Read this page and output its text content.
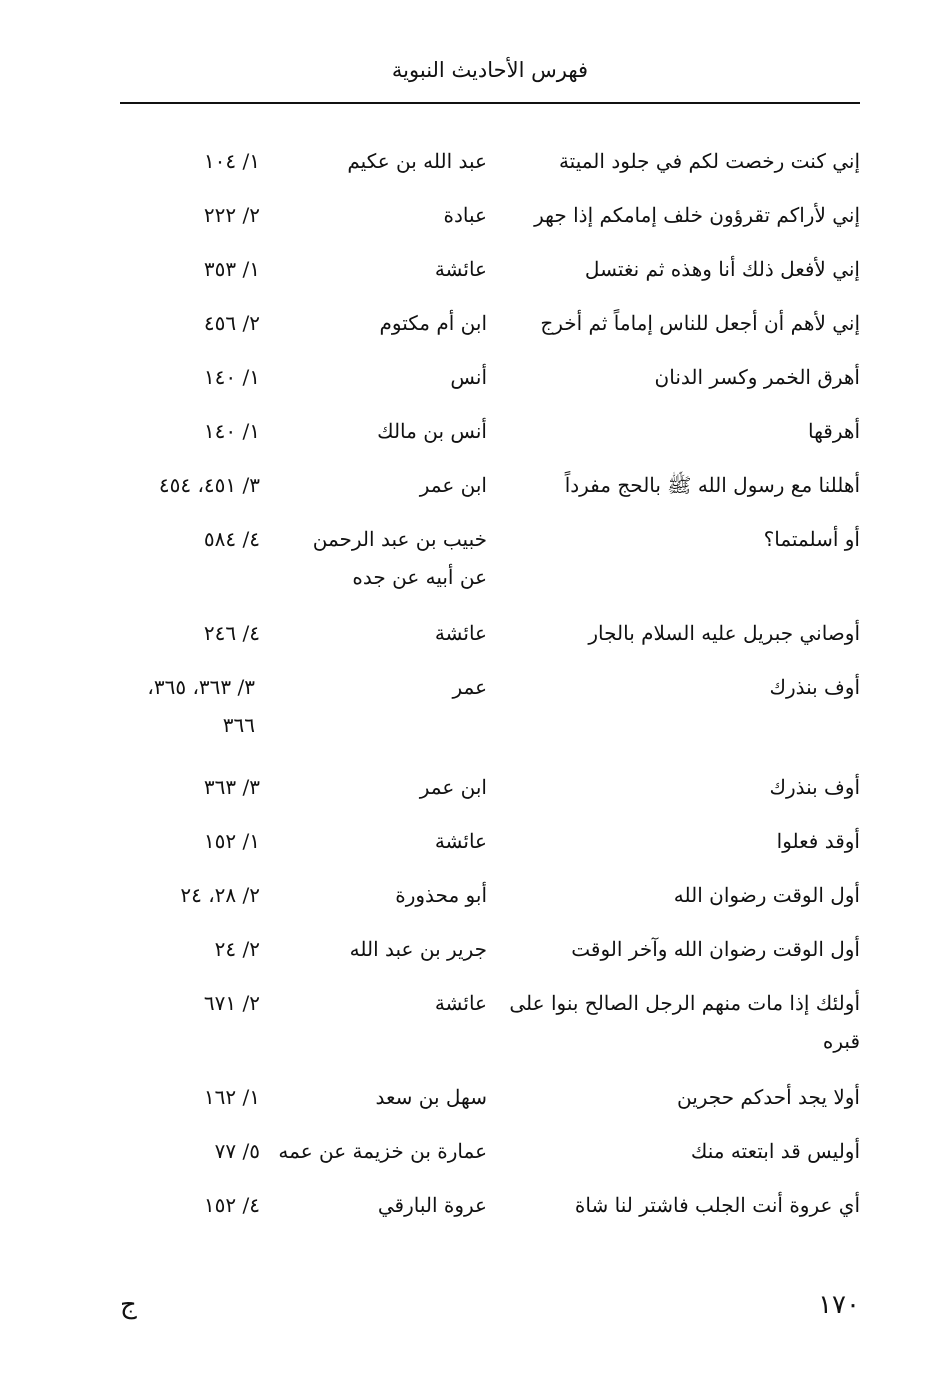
فهرس الأحاديث النبوية
إني كنت رخصت لكم في جلود الميتة
عبد الله بن عكيم
١/ ١٠٤
إني لأراكم تقرؤون خلف إمامكم إذا جهر
عبادة
٢/ ٢٢٢
إني لأفعل ذلك أنا وهذه ثم نغتسل
عائشة
١/ ٣٥٣
إني لأهم أن أجعل للناس إماماً ثم أخرج
ابن أم مكتوم
٢/ ٤٥٦
أهرق الخمر وكسر الدنان
أنس
١/ ١٤٠
أهرقها
أنس بن مالك
١/ ١٤٠
أهللنا مع رسول الله ﷺ بالحج مفرداً
ابن عمر
٣/ ٤٥١، ٤٥٤
أو أسلمتما؟
خبيب بن عبد الرحمن عن أبيه عن جده
٤/ ٥٨٤
أوصاني جبريل عليه السلام بالجار
عائشة
٤/ ٢٤٦
أوف بنذرك
عمر
٣/ ٣٦٣، ٣٦٥، ٣٦٦
أوف بنذرك
ابن عمر
٣/ ٣٦٣
أوقد فعلوا
عائشة
١/ ١٥٢
أول الوقت رضوان الله
أبو محذورة
٢/ ٢٨، ٢٤
أول الوقت رضوان الله وآخر الوقت
جرير بن عبد الله
٢/ ٢٤
أولئك إذا مات منهم الرجل الصالح بنوا على قبره
عائشة
٢/ ٦٧١
أولا يجد أحدكم حجرين
سهل بن سعد
١/ ١٦٢
أوليس قد ابتعته منك
عمارة بن خزيمة عن عمه
٥/ ٧٧
أي عروة أنت الجلب فاشتر لنا شاة
عروة البارقي
٤/ ١٥٢
١٧٠
ج
